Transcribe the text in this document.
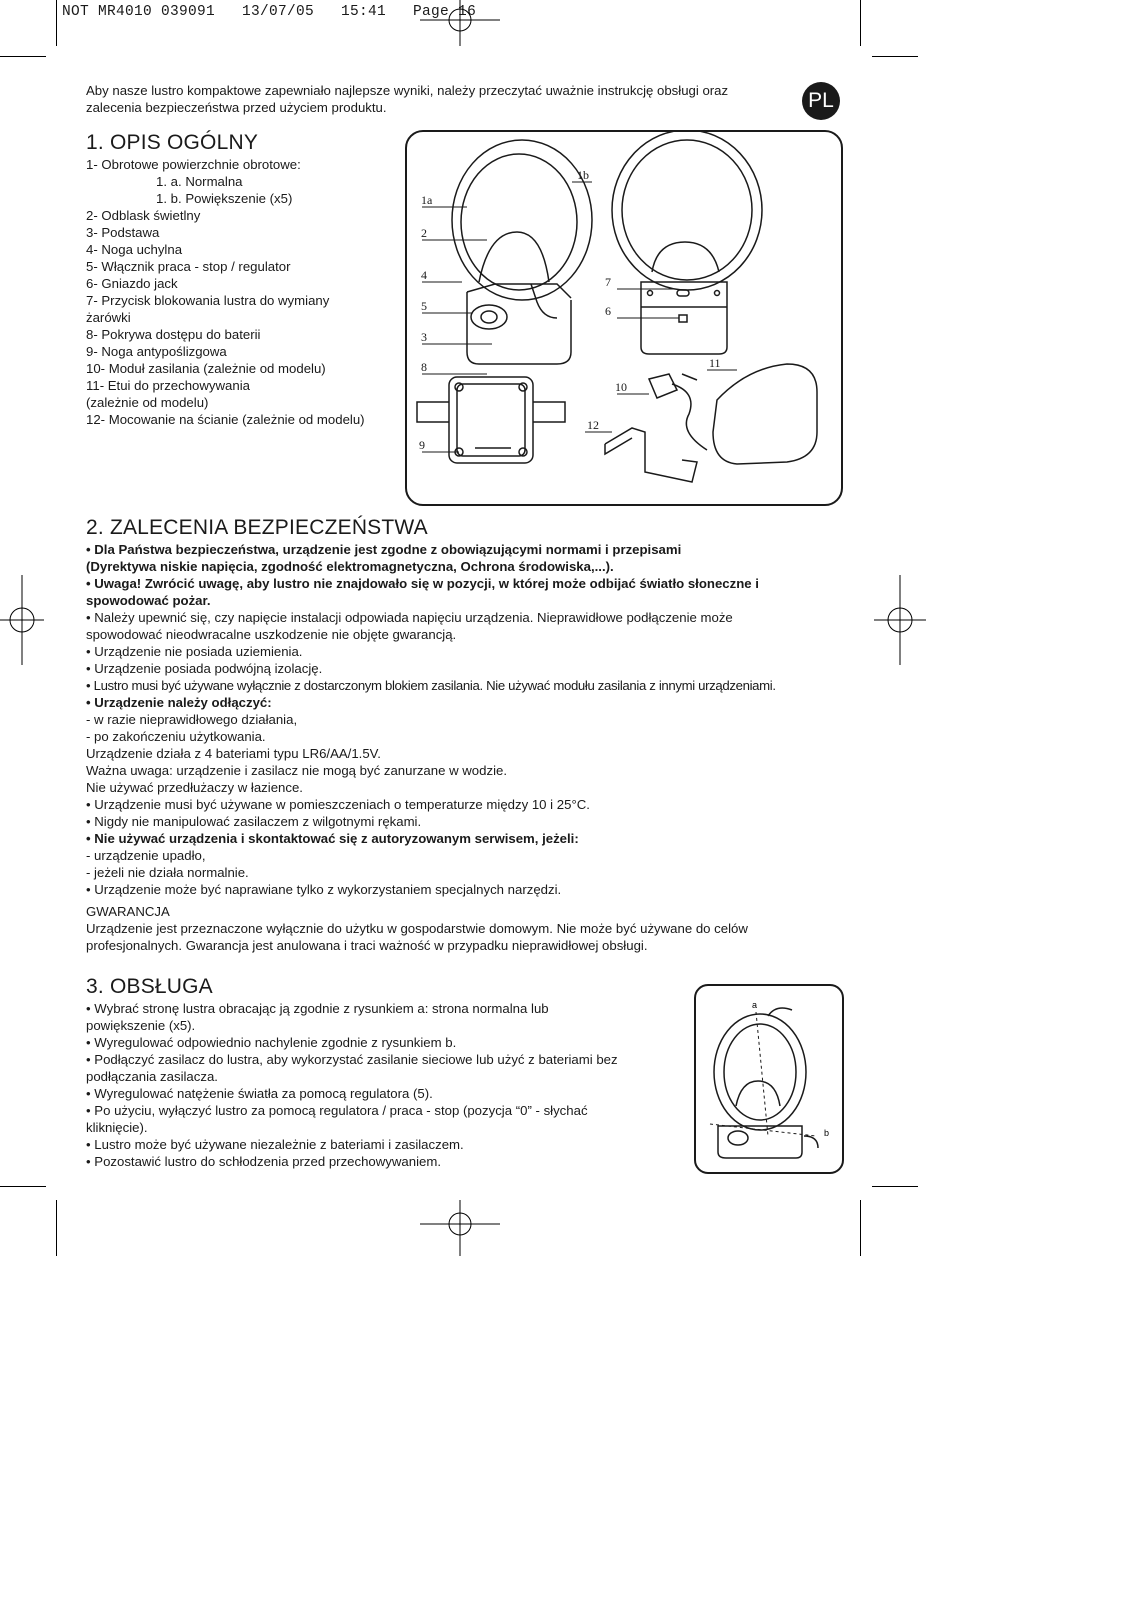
NOT MR4010 039091   13/07/05   15:41   Page 16
Aby nasze lustro kompaktowe zapewniało najlepsze wyniki, należy przeczytać uważnie instrukcję obsługi oraz zalecenia bezpieczeństwa przed użyciem produktu.	PL
1. OPIS OGÓLNY
1- Obrotowe powierzchnie obrotowe:
1. a. Normalna
1. b. Powiększenie (x5)
2- Odblask świetlny
3- Podstawa
4- Noga uchylna
5- Włącznik praca - stop / regulator
6- Gniazdo jack
7- Przycisk blokowania lustra do wymiany
żarówki
8- Pokrywa dostępu do baterii
9- Noga antypoślizgowa
10- Moduł zasilania (zależnie od modelu)
11- Etui do przechowywania
(zależnie od modelu)
12- Mocowanie na ścianie (zależnie od modelu)
1a
1b
2
4
5
3
8
9
7
6
10
11
12
2. ZALECENIA BEZPIECZEŃSTWA
• Dla Państwa bezpieczeństwa, urządzenie jest zgodne z obowiązującymi normami i przepisami
(Dyrektywa niskie napięcia, zgodność elektromagnetyczna, Ochrona środowiska,...).
• Uwaga! Zwrócić uwagę, aby lustro nie znajdowało się w pozycji, w której może odbijać światło słoneczne i
spowodować pożar.
• Należy upewnić się, czy napięcie instalacji odpowiada napięciu urządzenia. Nieprawidłowe podłączenie może
spowodować nieodwracalne uszkodzenie nie objęte gwarancją.
• Urządzenie nie posiada uziemienia.
• Urządzenie posiada podwójną izolację.
• Lustro musi być używane wyłącznie z dostarczonym blokiem zasilania. Nie używać modułu zasilania z innymi urządzeniami.
• Urządzenie należy odłączyć:
- w razie nieprawidłowego działania,
- po zakończeniu użytkowania.
Urządzenie działa z 4 bateriami typu LR6/AA/1.5V.
Ważna uwaga: urządzenie i zasilacz nie mogą być zanurzane w wodzie.
Nie używać przedłużaczy w łazience.
• Urządzenie musi być używane w pomieszczeniach o temperaturze między 10 i 25°C.
• Nigdy nie manipulować zasilaczem z wilgotnymi rękami.
• Nie używać urządzenia i skontaktować się z autoryzowanym serwisem, jeżeli:
- urządzenie upadło,
- jeżeli nie działa normalnie.
• Urządzenie może być naprawiane tylko z wykorzystaniem specjalnych narzędzi.
GWARANCJA
Urządzenie jest przeznaczone wyłącznie do użytku w gospodarstwie domowym. Nie może być używane do celów
profesjonalnych. Gwarancja jest anulowana i traci ważność w przypadku nieprawidłowej obsługi.
3. OBSŁUGA
• Wybrać stronę lustra obracając ją zgodnie z rysunkiem a: strona normalna lub
powiększenie (x5).
• Wyregulować odpowiednio nachylenie zgodnie z rysunkiem b.
• Podłączyć zasilacz do lustra, aby wykorzystać zasilanie sieciowe lub użyć z bateriami bez
podłączania zasilacza.
• Wyregulować natężenie światła za pomocą regulatora (5).
• Po użyciu, wyłączyć lustro za pomocą regulatora / praca - stop (pozycja “0” - słychać
kliknięcie).
• Lustro może być używane niezależnie z bateriami i zasilaczem.
• Pozostawić lustro do schłodzenia przed przechowywaniem.
a
b
